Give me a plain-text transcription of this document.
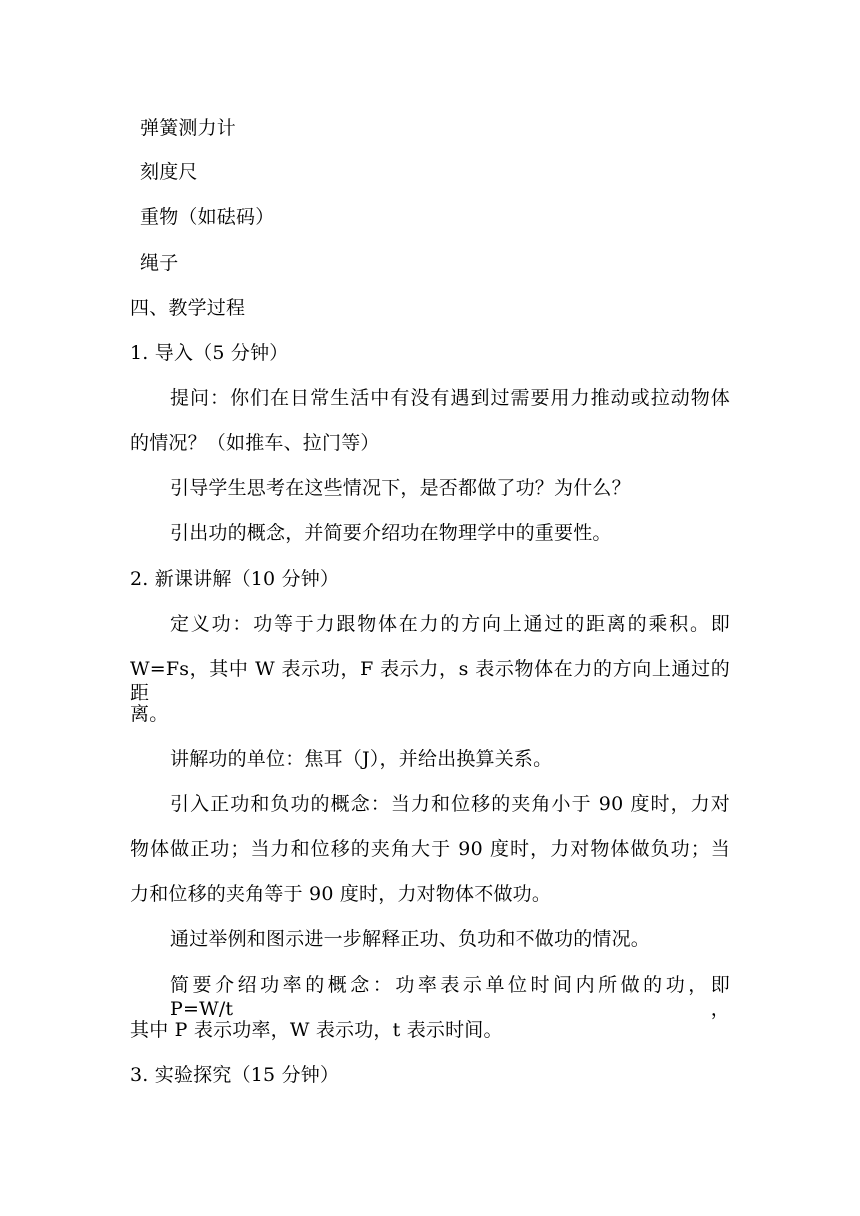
弹簧测力计
刻度尺
重物（如砝码）
绳子
四、教学过程
1. 导入（5 分钟）
提问：你们在日常生活中有没有遇到过需要用力推动或拉动物体
的情况？（如推车、拉门等）
引导学生思考在这些情况下，是否都做了功？为什么？
引出功的概念，并简要介绍功在物理学中的重要性。
2. 新课讲解（10 分钟）
定义功：功等于力跟物体在力的方向上通过的距离的乘积。即
W=Fs，其中 W 表示功，F 表示力，s 表示物体在力的方向上通过的距
离。
讲解功的单位：焦耳（J），并给出换算关系。
引入正功和负功的概念：当力和位移的夹角小于 90 度时，力对
物体做正功；当力和位移的夹角大于 90 度时，力对物体做负功；当
力和位移的夹角等于 90 度时，力对物体不做功。
通过举例和图示进一步解释正功、负功和不做功的情况。
简要介绍功率的概念：功率表示单位时间内所做的功，即 P=W/t，
其中 P 表示功率，W 表示功，t 表示时间。
3. 实验探究（15 分钟）
